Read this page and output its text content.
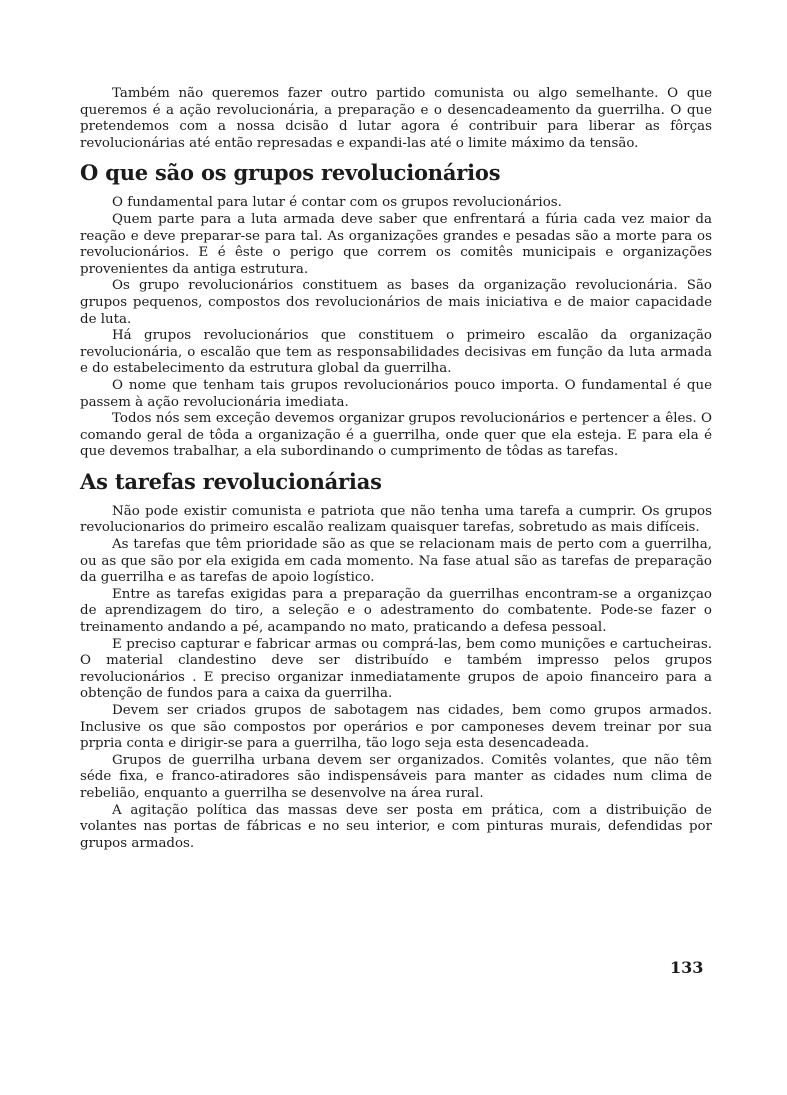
Também não queremos fazer outro partido comunista ou algo semelhante. O que queremos é a ação revolucionária, a preparação e o desencadeamento da guerrilha. O que pretendemos com a nossa dcisão d lutar agora é contribuir para liberar as fôrças revolucionárias até então represadas e expandi-las até o limite máximo da tensão.

O que são os grupos revolucionários

O fundamental para lutar é contar com os grupos revolucionários.

Quem parte para a luta armada deve saber que enfrentará a fúria cada vez maior da reação e deve preparar-se para tal. As organizações grandes e pesadas são a morte para os revolucionários. E é êste o perigo que correm os comitês municipais e organizações provenientes da antiga estrutura.

Os grupo revolucionários constituem as bases da organização revolucionária. São grupos pequenos, compostos dos revolucionários de mais iniciativa e de maior capacidade de luta.

Há grupos revolucionários que constituem o primeiro escalão da organização revolucionária, o escalão que tem as responsabilidades decisivas em função da luta armada e do estabelecimento da estrutura global da guerrilha.

O nome que tenham tais grupos revolucionários pouco importa. O fundamental é que passem à ação revolucionária imediata.

Todos nós sem exceção devemos organizar grupos revolucionários e pertencer a êles. O comando geral de tôda a organização é a guerrilha, onde quer que ela esteja. E para ela é que devemos trabalhar, a ela subordinando o cumprimento de tôdas as tarefas.

As tarefas revolucionárias

Não pode existir comunista e patriota que não tenha uma tarefa a cumprir. Os grupos revolucionarios do primeiro escalão realizam quaisquer tarefas, sobretudo as mais difíceis.

As tarefas que têm prioridade são as que se relacionam mais de perto com a guerrilha, ou as que são por ela exigida em cada momento. Na fase atual são as tarefas de preparação da guerrilha e as tarefas de apoio logístico.

Entre as tarefas exigidas para a preparação da guerrilhas encontram-se a organizçao de aprendizagem do tiro, a seleção e o adestramento do combatente. Pode-se fazer o treinamento andando a pé, acampando no mato, praticando a defesa pessoal.

E preciso capturar e fabricar armas ou comprá-las, bem como munições e cartucheiras. O material clandestino deve ser distribuído e também impresso pelos grupos revolucionários . E preciso organizar inmediatamente grupos de apoio financeiro para a obtenção de fundos para a caixa da guerrilha.

Devem ser criados grupos de sabotagem nas cidades, bem como grupos armados. Inclusive os que são compostos por operários e por camponeses devem treinar por sua prpria conta e dirigir-se para a guerrilha, tão logo seja esta desencadeada.

Grupos de guerrilha urbana devem ser organizados. Comitês volantes, que não têm séde fixa, e franco-atiradores são indispensáveis para manter as cidades num clima de rebelião, enquanto a guerrilha se desenvolve na área rural.

A agitação política das massas deve ser posta em prática, com a distribuição de volantes nas portas de fábricas e no seu interior, e com pinturas murais, defendidas por grupos armados.

133
